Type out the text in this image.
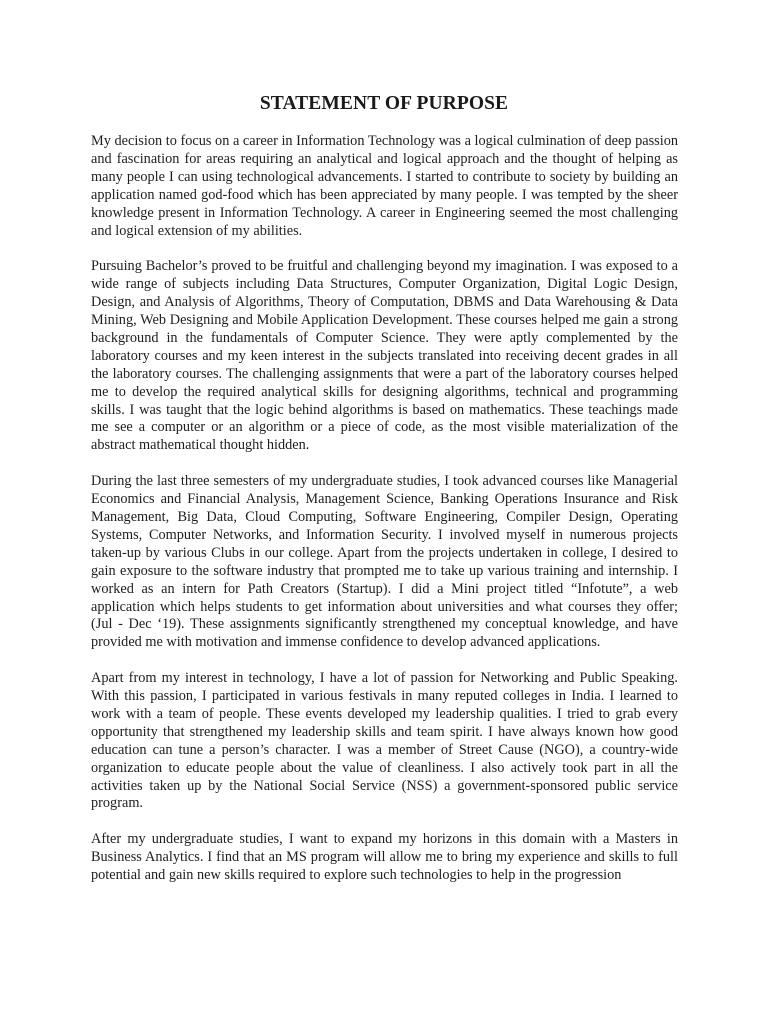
STATEMENT OF PURPOSE

My decision to focus on a career in Information Technology was a logical culmination of deep passion and fascination for areas requiring an analytical and logical approach and the thought of helping as many people I can using technological advancements. I started to contribute to society by building an application named god-food which has been appreciated by many people. I was tempted by the sheer knowledge present in Information Technology. A career in Engineering seemed the most challenging and logical extension of my abilities.

Pursuing Bachelor’s proved to be fruitful and challenging beyond my imagination. I was exposed to a wide range of subjects including Data Structures, Computer Organization, Digital Logic Design, Design, and Analysis of Algorithms, Theory of Computation, DBMS and Data Warehousing & Data Mining, Web Designing and Mobile Application Development. These courses helped me gain a strong background in the fundamentals of Computer Science. They were aptly complemented by the laboratory courses and my keen interest in the subjects translated into receiving decent grades in all the laboratory courses. The challenging assignments that were a part of the laboratory courses helped me to develop the required analytical skills for designing algorithms, technical and programming skills. I was taught that the logic behind algorithms is based on mathematics. These teachings made me see a computer or an algorithm or a piece of code, as the most visible materialization of the abstract mathematical thought hidden.

During the last three semesters of my undergraduate studies, I took advanced courses like Managerial Economics and Financial Analysis, Management Science, Banking Operations Insurance and Risk Management, Big Data, Cloud Computing, Software Engineering, Compiler Design, Operating Systems, Computer Networks, and Information Security. I involved myself in numerous projects taken-up by various Clubs in our college. Apart from the projects undertaken in college, I desired to gain exposure to the software industry that prompted me to take up various training and internship. I worked as an intern for Path Creators (Startup). I did a Mini project titled “Infotute”, a web application which helps students to get information about universities and what courses they offer; (Jul - Dec ‘19). These assignments significantly strengthened my conceptual knowledge, and have provided me with motivation and immense confidence to develop advanced applications.

Apart from my interest in technology, I have a lot of passion for Networking and Public Speaking. With this passion, I participated in various festivals in many reputed colleges in India. I learned to work with a team of people. These events developed my leadership qualities. I tried to grab every opportunity that strengthened my leadership skills and team spirit. I have always known how good education can tune a person’s character. I was a member of Street Cause (NGO), a country-wide organization to educate people about the value of cleanliness. I also actively took part in all the activities taken up by the National Social Service (NSS) a government-sponsored public service program.

After my undergraduate studies, I want to expand my horizons in this domain with a Masters in Business Analytics. I find that an MS program will allow me to bring my experience and skills to full potential and gain new skills required to explore such technologies to help in the progression
